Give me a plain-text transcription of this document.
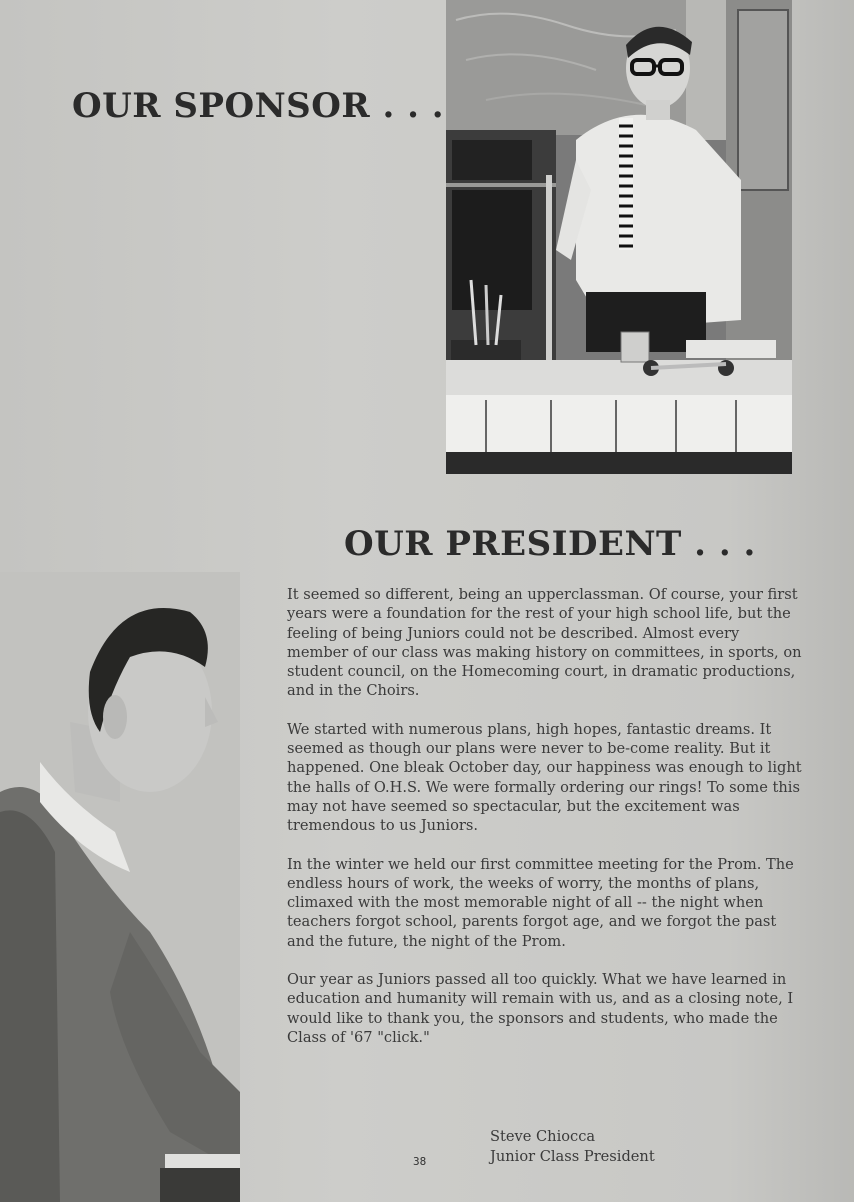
OUR SPONSOR . . .
OUR PRESIDENT . . .

It seemed so different, being an upperclassman. Of course, your first years were a foundation for the rest of your high school life, but the feeling of being Juniors could not be described. Almost every member of our class was making history on committees, in sports, on student council, on the Homecoming court, in dramatic productions, and in the Choirs.

We started with numerous plans, high hopes, fantastic dreams. It seemed as though our plans were never to be-come reality. But it happened. One bleak October day, our happiness was enough to light the halls of O.H.S. We were formally ordering our rings! To some this may not have seemed so spectacular, but the excitement was tremendous to us Juniors.

In the winter we held our first committee meeting for the Prom. The endless hours of work, the weeks of worry, the months of plans, climaxed with the most memorable night of all -- the night when teachers forgot school, parents forgot age, and we forgot the past and the future, the night of the Prom.

Our year as Juniors passed all too quickly. What we have learned in education and humanity will remain with us, and as a closing note, I would like to thank you, the sponsors and students, who made the Class of '67 "click."

Steve Chiocca
Junior Class President
38
